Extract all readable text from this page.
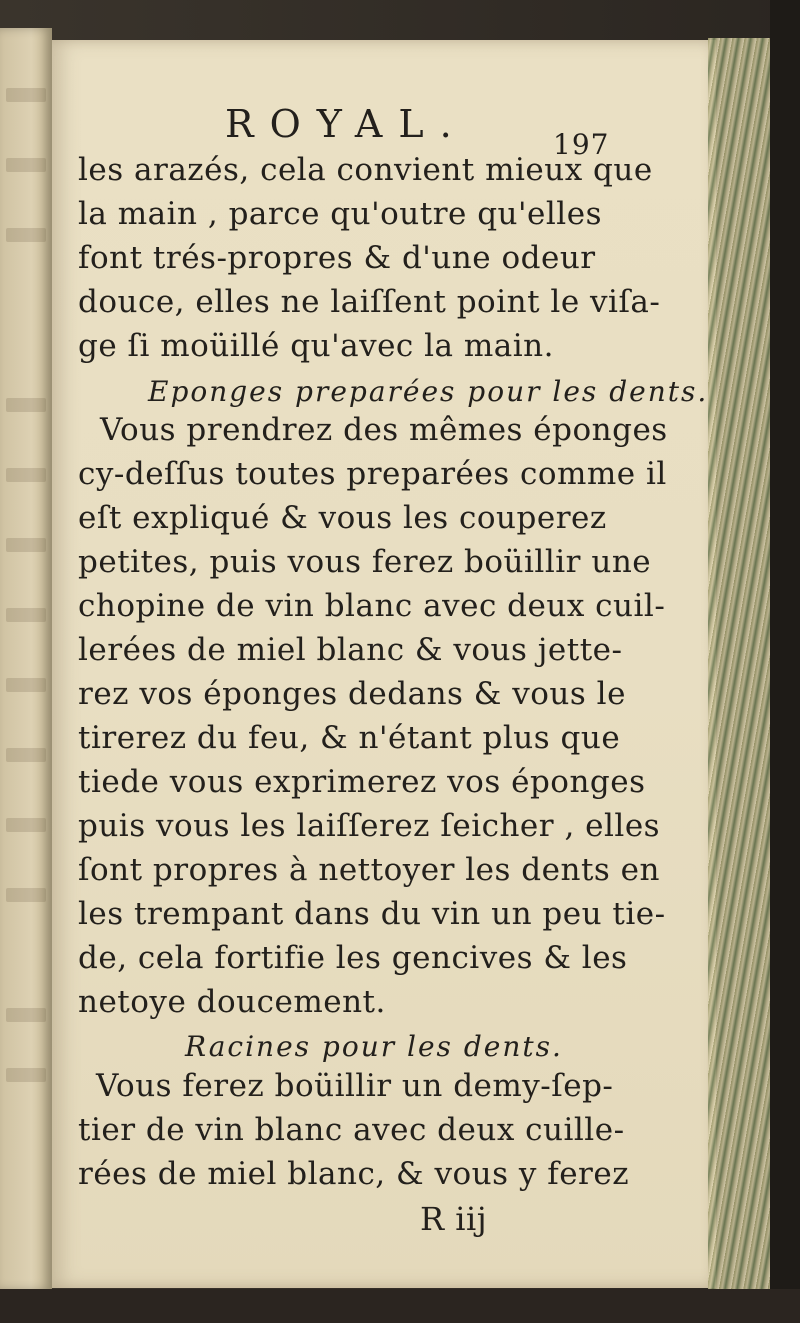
ROYAL.	197
les arazés, cela convient mieux que
la main , parce qu'outre qu'elles
font trés-propres & d'une odeur
douce, elles ne laiſſent point le viſa-
ge ſi moüillé qu'avec la main.
Eponges preparées pour les dents.
Vous prendrez des mêmes éponges
cy-deſſus toutes preparées comme il
eſt expliqué & vous les couperez
petites, puis vous ferez boüillir une
chopine de vin blanc avec deux cuil-
lerées de miel blanc & vous jette-
rez vos éponges dedans & vous le
tirerez du feu, & n'étant plus que
tiede vous exprimerez vos éponges
puis vous les laiſſerez ſeicher , elles
ſont propres à nettoyer les dents en
les trempant dans du vin un peu tie-
de, cela fortifie les gencives & les
netoye doucement.
Racines pour les dents.
Vous ferez boüillir un demy-ſep-
tier de vin blanc avec deux cuille-
rées de miel blanc, & vous y ferez
R iij
